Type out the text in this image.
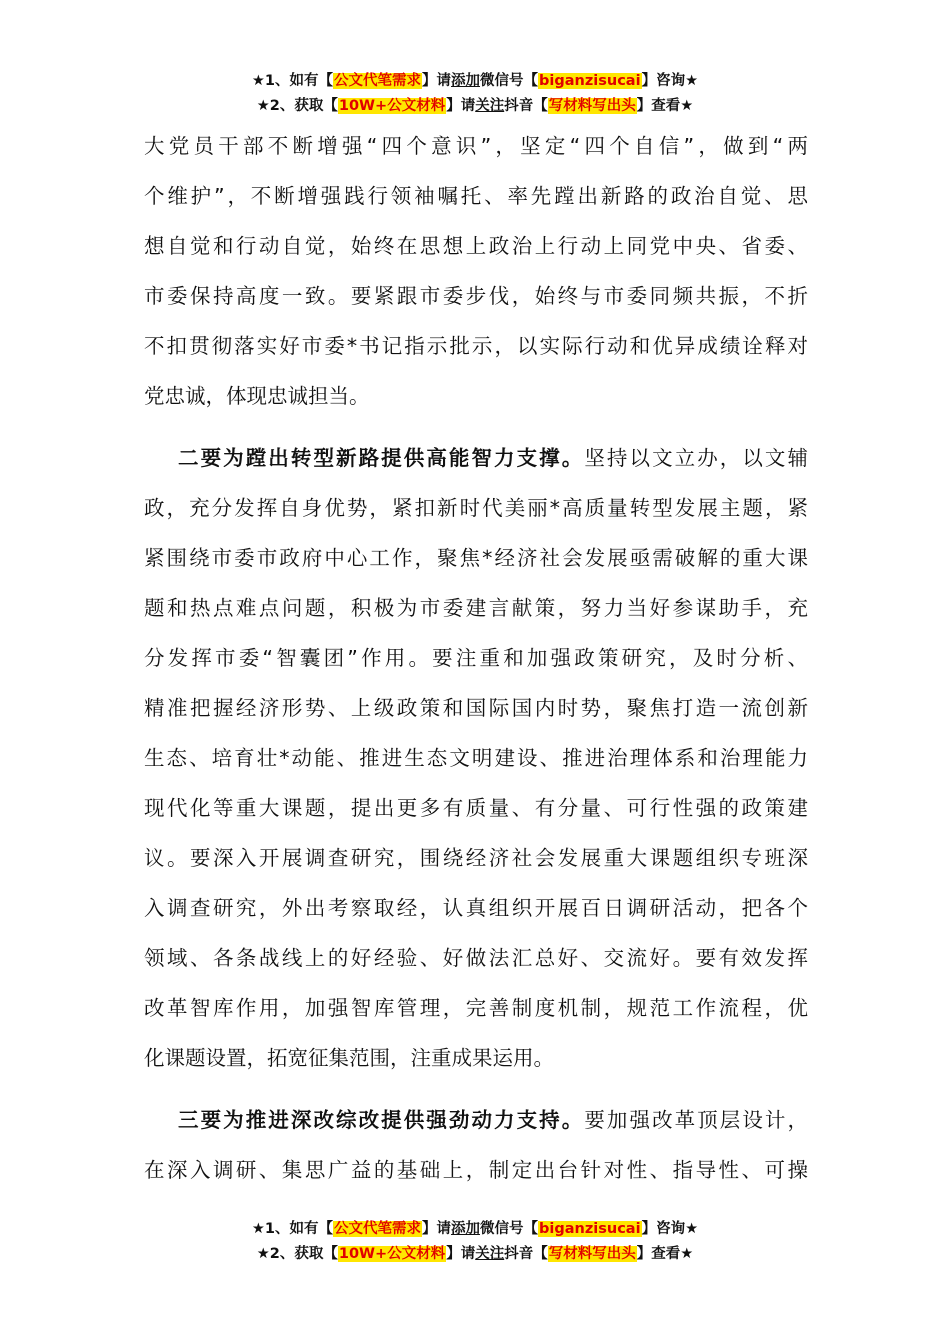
★1、如有【公文代笔需求】请添加微信号【biganzisucai】咨询★
★2、获取【10W+公文材料】请关注抖音【写材料写出头】查看★
大党员干部不断增强“四个意识”，坚定“四个自信”，做到“两
个维护”，不断增强践行领袖嘱托、率先蹚出新路的政治自觉、思
想自觉和行动自觉，始终在思想上政治上行动上同党中央、省委、
市委保持高度一致。要紧跟市委步伐，始终与市委同频共振，不折
不扣贯彻落实好市委*书记指示批示，以实际行动和优异成绩诠释对
党忠诚，体现忠诚担当。
二要为蹚出转型新路提供高能智力支撑。坚持以文立办，以文辅
政，充分发挥自身优势，紧扣新时代美丽*高质量转型发展主题，紧
紧围绕市委市政府中心工作，聚焦*经济社会发展亟需破解的重大课
题和热点难点问题，积极为市委建言献策，努力当好参谋助手，充
分发挥市委“智囊团”作用。要注重和加强政策研究，及时分析、
精准把握经济形势、上级政策和国际国内时势，聚焦打造一流创新
生态、培育壮*动能、推进生态文明建设、推进治理体系和治理能力
现代化等重大课题，提出更多有质量、有分量、可行性强的政策建
议。要深入开展调查研究，围绕经济社会发展重大课题组织专班深
入调查研究，外出考察取经，认真组织开展百日调研活动，把各个
领域、各条战线上的好经验、好做法汇总好、交流好。要有效发挥
改革智库作用，加强智库管理，完善制度机制，规范工作流程，优
化课题设置，拓宽征集范围，注重成果运用。
三要为推进深改综改提供强劲动力支持。要加强改革顶层设计，
在深入调研、集思广益的基础上，制定出台针对性、指导性、可操
★1、如有【公文代笔需求】请添加微信号【biganzisucai】咨询★
★2、获取【10W+公文材料】请关注抖音【写材料写出头】查看★
